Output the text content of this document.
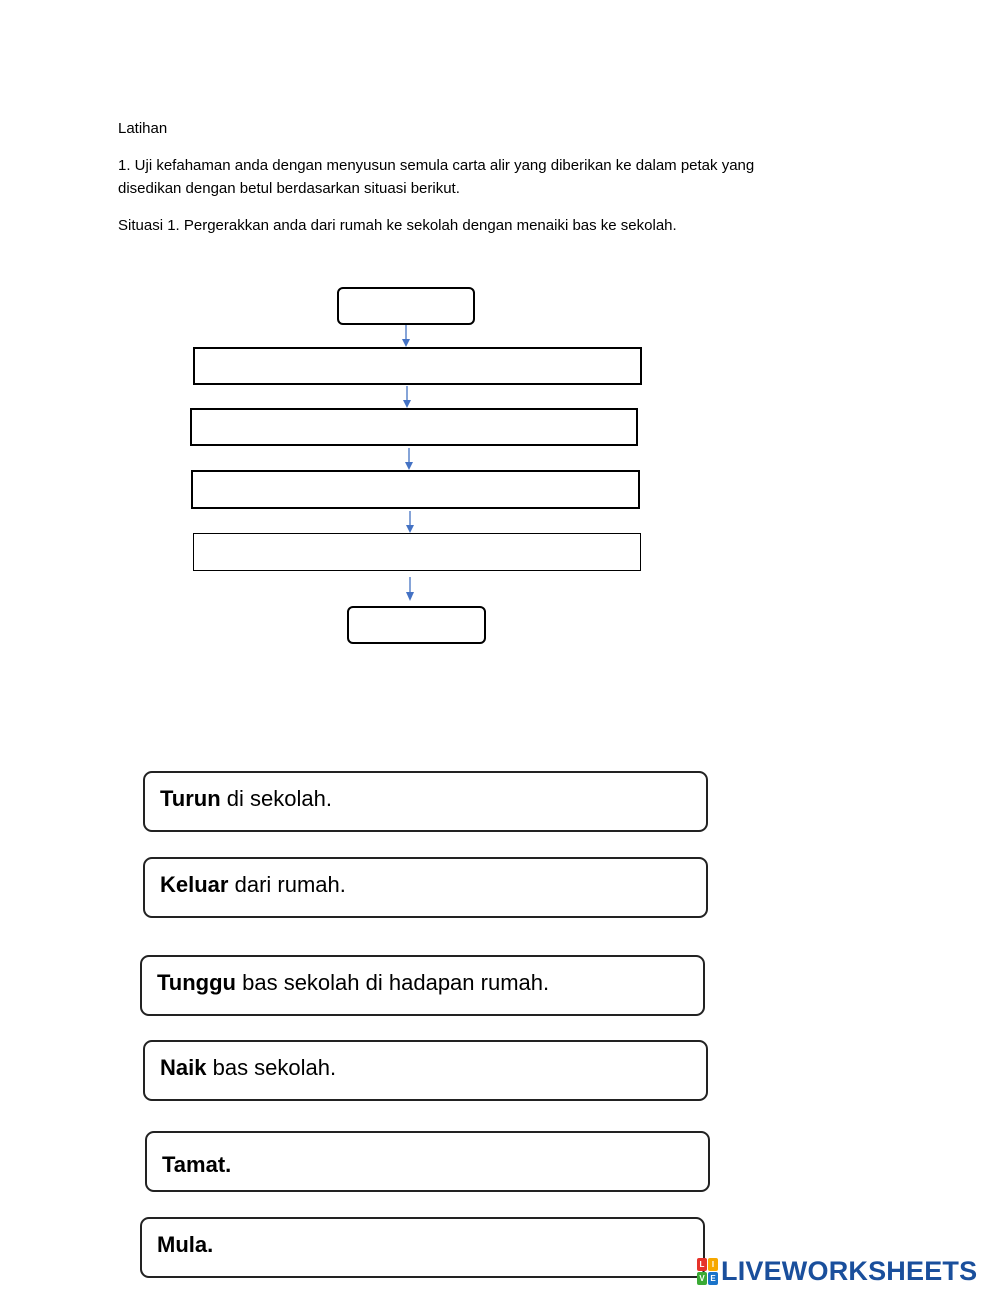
Latihan

1. Uji kefahaman anda dengan menyusun semula carta alir yang diberikan ke dalam petak yang

disedikan dengan betul berdasarkan situasi berikut.

Situasi 1. Pergerakkan anda dari rumah ke sekolah dengan menaiki bas ke sekolah.

Turun di sekolah.
Keluar dari rumah.
Tunggu bas sekolah di hadapan rumah.
Naik bas sekolah.
Tamat.
Mula.
L I
V E LIVEWORKSHEETS
